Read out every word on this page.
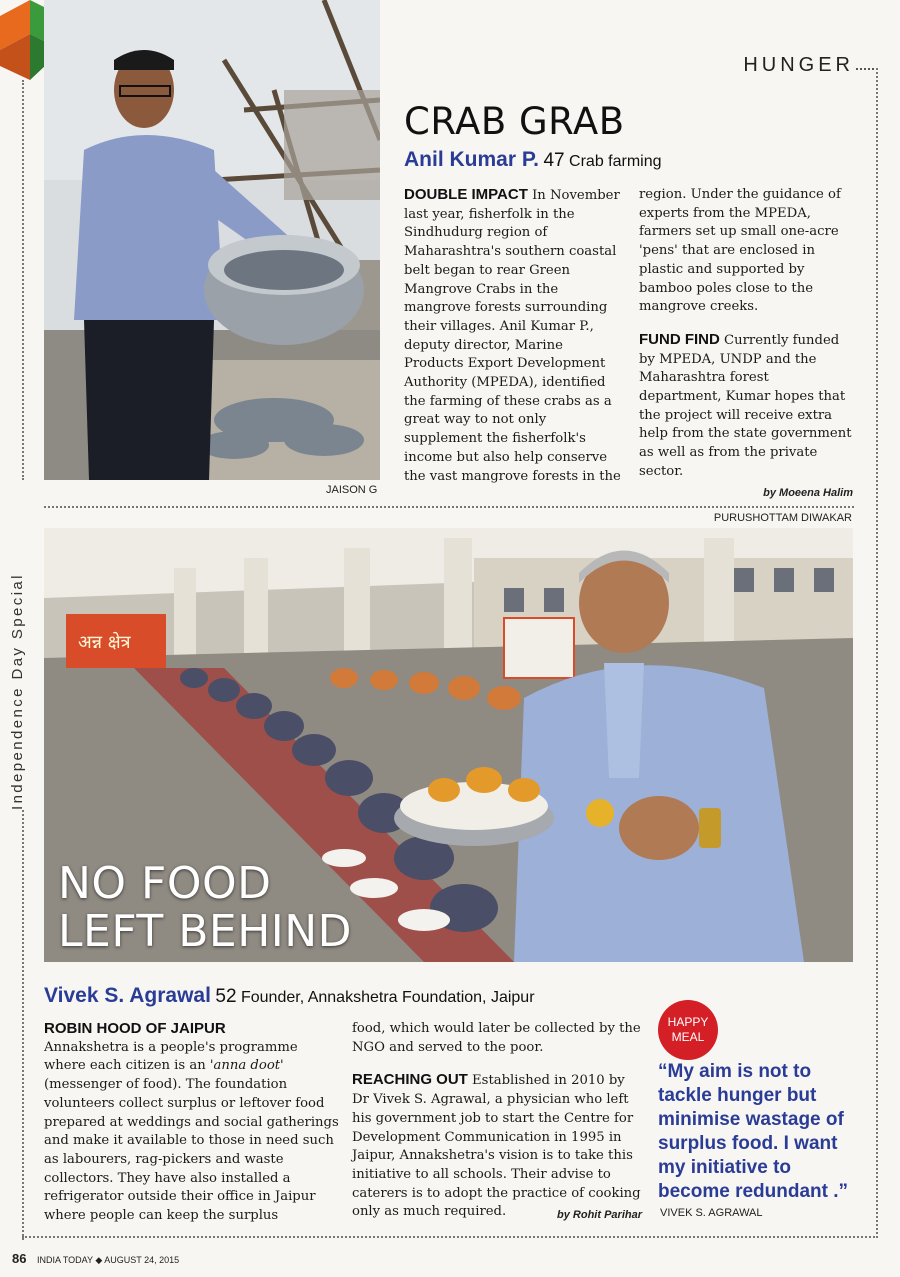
HUNGER
Independence Day Special
JAISON G
CRAB GRAB
Anil Kumar P. 47 Crab farming
DOUBLE IMPACT In November last year, fisherfolk in the Sindhudurg region of Maharashtra's southern coastal belt began to rear Green Mangrove Crabs in the mangrove forests surrounding their villages. Anil Kumar P., deputy director, Marine Products Export Development Authority (MPEDA), identified the farming of these crabs as a great way to not only supplement the fisherfolk's income but also help conserve the vast mangrove forests in the

region. Under the guidance of experts from the MPEDA, farmers set up small one-acre 'pens' that are enclosed in plastic and supported by bamboo poles close to the mangrove creeks.

FUND FIND Currently funded by MPEDA, UNDP and the Maharashtra forest department, Kumar hopes that the project will receive extra help from the state government as well as from the private sector.

by Moeena Halim

PURUSHOTTAM DIWAKAR
अन्न क्षेत्र
NO FOOD
LEFT BEHIND
Vivek S. Agrawal 52 Founder, Annakshetra Foundation, Jaipur
ROBIN HOOD OF JAIPUR
Annakshetra is a people's programme where each citizen is an 'anna doot' (messenger of food). The foundation volunteers collect surplus or leftover food prepared at weddings and social gatherings and make it available to those in need such as labourers, rag-pickers and waste collectors. They have also installed a refrigerator outside their office in Jaipur where people can keep the surplus

food, which would later be collected by the NGO and served to the poor.

REACHING OUT Established in 2010 by Dr Vivek S. Agrawal, a physician who left his government job to start the Centre for Development Communication in 1995 in Jaipur, Annakshetra's vision is to take this initiative to all schools. Their advise to caterers is to adopt the practice of cooking only as much required.	by Rohit Parihar

HAPPY
MEAL
“My aim is not to tackle hunger but minimise wastage of surplus food. I want my initiative to become redundant .”
VIVEK S. AGRAWAL
86 INDIA TODAY ◆ AUGUST 24, 2015
